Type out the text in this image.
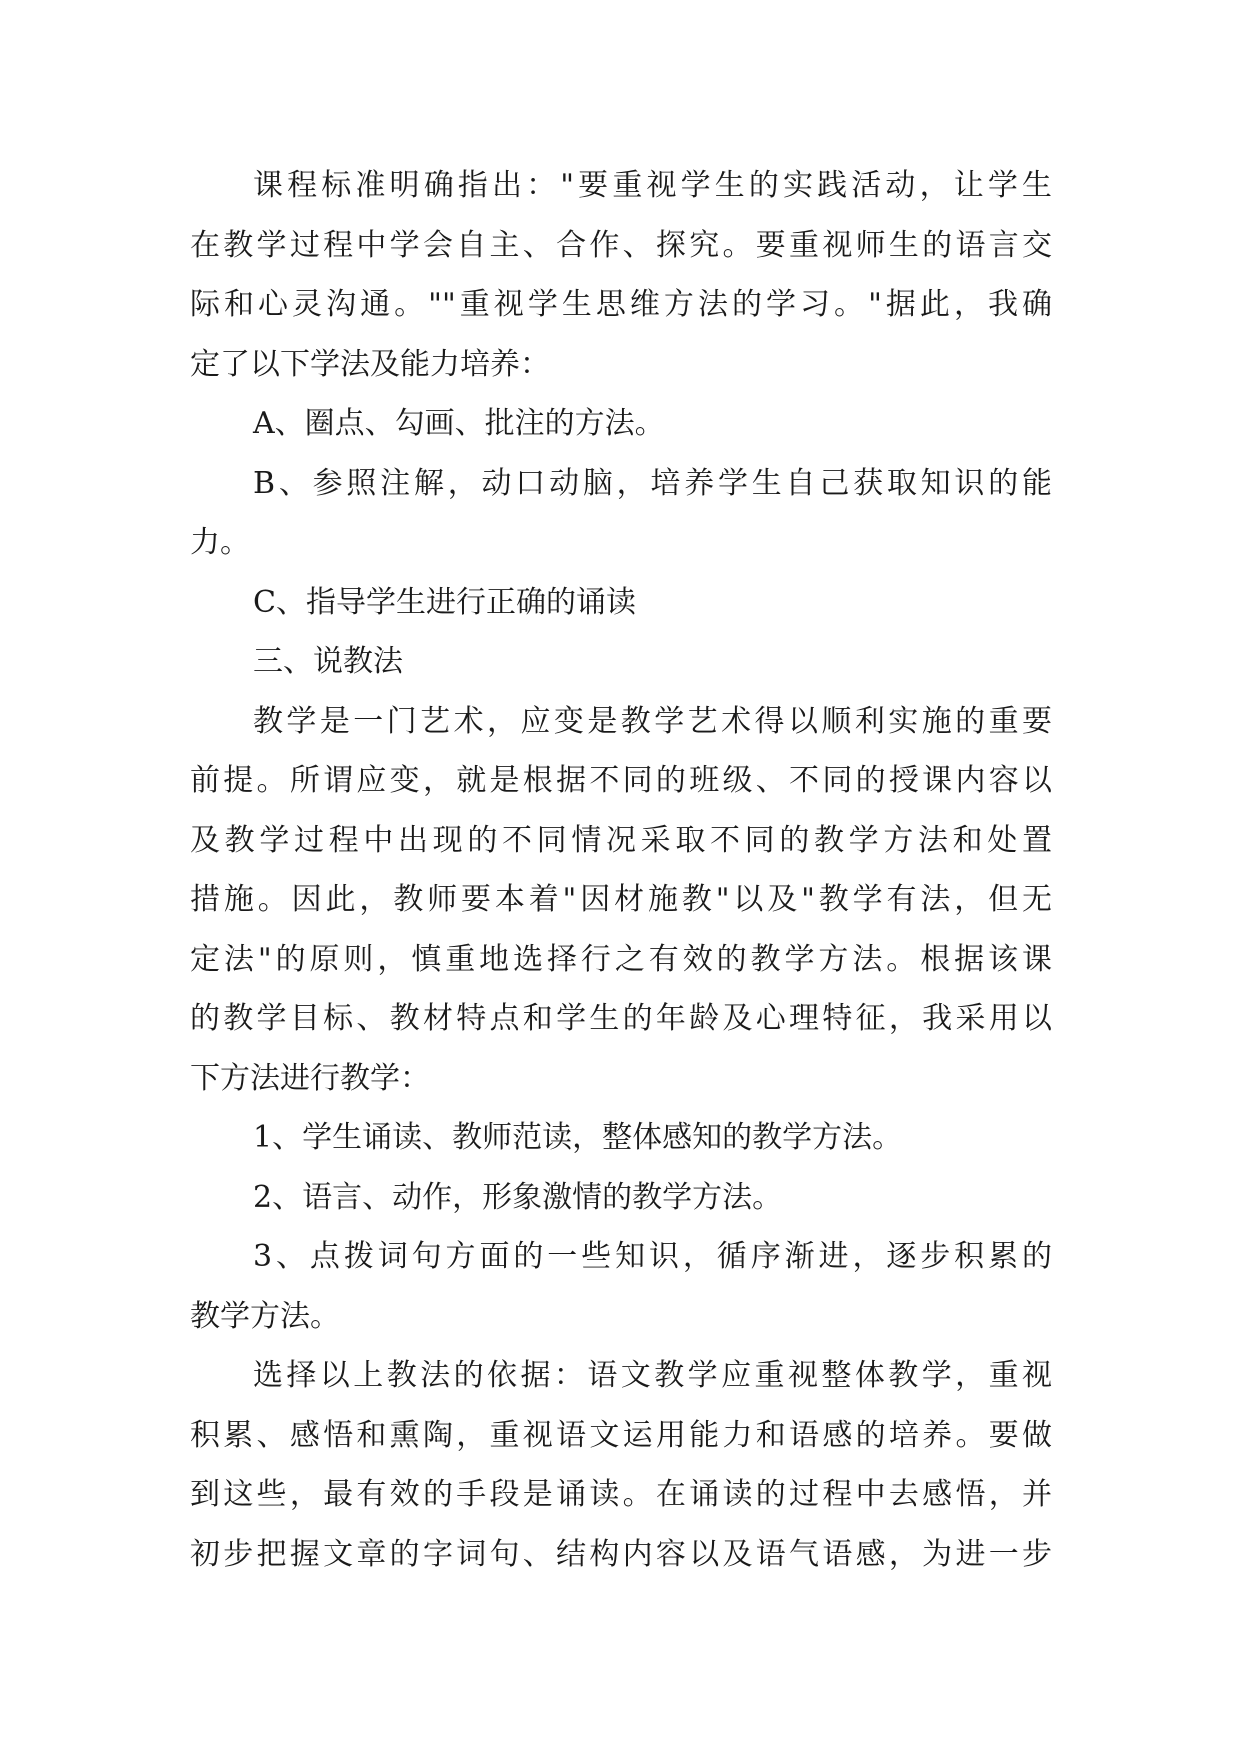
课程标准明确指出："要重视学生的实践活动，让学生
在教学过程中学会自主、合作、探究。要重视师生的语言交
际和心灵沟通。""重视学生思维方法的学习。"据此，我确
定了以下学法及能力培养：
A、圈点、勾画、批注的方法。
B、参照注解，动口动脑，培养学生自己获取知识的能
力。
C、指导学生进行正确的诵读
三、说教法
教学是一门艺术，应变是教学艺术得以顺利实施的重要
前提。所谓应变，就是根据不同的班级、不同的授课内容以
及教学过程中出现的不同情况采取不同的教学方法和处置
措施。因此，教师要本着"因材施教"以及"教学有法，但无
定法"的原则，慎重地选择行之有效的教学方法。根据该课
的教学目标、教材特点和学生的年龄及心理特征，我采用以
下方法进行教学：
1、学生诵读、教师范读，整体感知的教学方法。
2、语言、动作，形象激情的教学方法。
3、点拨词句方面的一些知识，循序渐进，逐步积累的
教学方法。
选择以上教法的依据：语文教学应重视整体教学，重视
积累、感悟和熏陶，重视语文运用能力和语感的培养。要做
到这些，最有效的手段是诵读。在诵读的过程中去感悟，并
初步把握文章的字词句、结构内容以及语气语感，为进一步
